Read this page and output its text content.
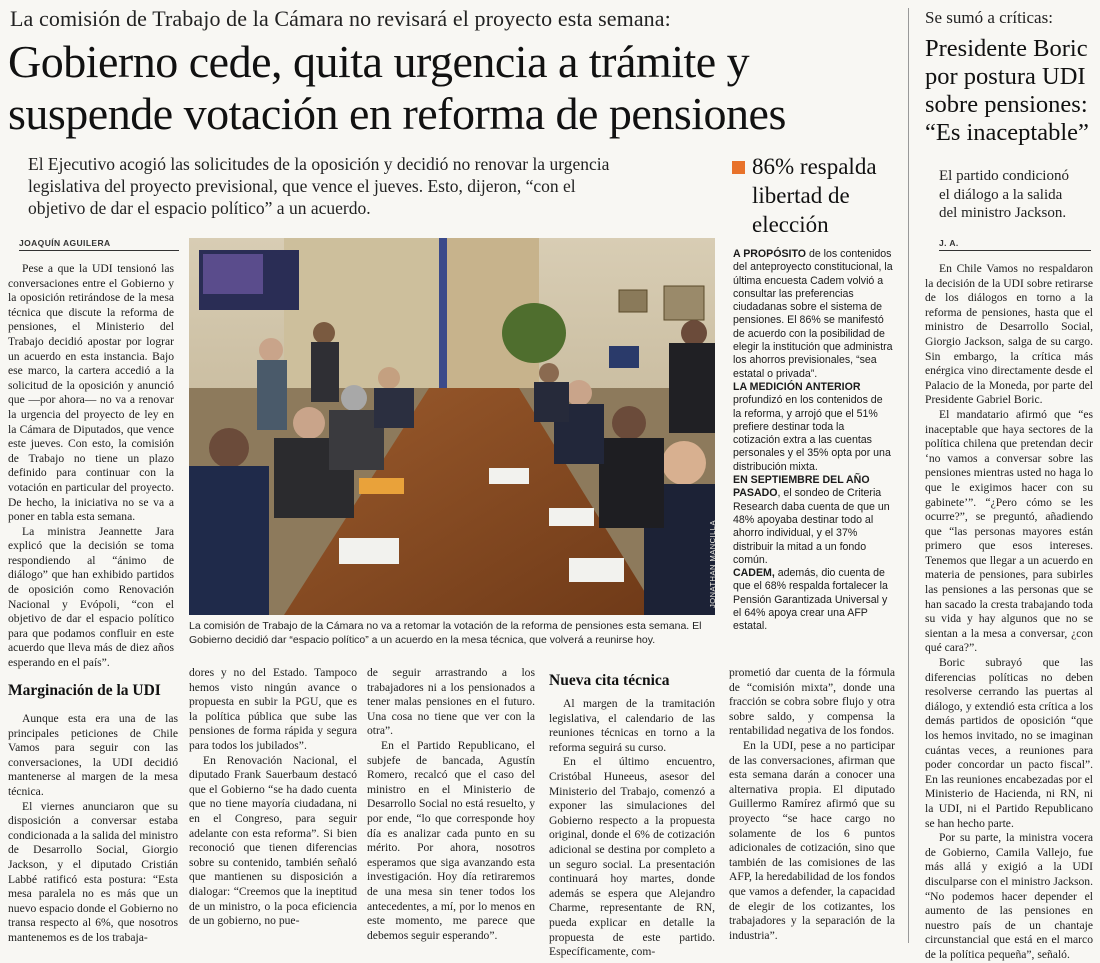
La comisión de Trabajo de la Cámara no revisará el proyecto esta semana:
Gobierno cede, quita urgencia a trámite y
suspende votación en reforma de pensiones

El Ejecutivo acogió las solicitudes de la oposición y decidió no renovar la urgencia

legislativa del proyecto previsional, que vence el jueves. Esto, dijeron, “con el

objetivo de dar el espacio político” a un acuerdo.

JOAQUÍN AGUILERA

Pese a que la UDI tensionó las conversaciones entre el Gobierno y la oposición retirándose de la mesa técnica que discute la reforma de pensiones, el Ministerio del Trabajo decidió apostar por lograr un acuerdo en esta instancia. Bajo ese marco, la cartera accedió a la solicitud de la oposición y anunció que —por ahora— no va a renovar la urgencia del proyecto de ley en la Cámara de Diputados, que vence este jueves. Con esto, la comisión de Trabajo no tiene un plazo definido para continuar con la votación en particular del proyecto. De hecho, la iniciativa no se va a poner en tabla esta semana.

La ministra Jeannette Jara explicó que la decisión se toma respondiendo al “ánimo de diálogo” que han exhibido partidos de oposición como Renovación Nacional y Evópoli, “con el objetivo de dar el espacio político para que podamos confluir en este acuerdo que lleva más de diez años esperando en el país”.

JONATHAN MANCILLA
La comisión de Trabajo de la Cámara no va a retomar la votación de la reforma de pensiones esta semana. El Gobierno decidió dar “espacio político” a un acuerdo en la mesa técnica, que volverá a reunirse hoy.
Marginación de la UDI

Aunque esta era una de las principales peticiones de Chile Vamos para seguir con las conversaciones, la UDI decidió mantenerse al margen de la mesa técnica.

El viernes anunciaron que su disposición a conversar estaba condicionada a la salida del ministro de Desarrollo Social, Giorgio Jackson, y el diputado Cristián Labbé ratificó esta postura: “Esta mesa paralela no es más que un nuevo espacio donde el Gobierno no transa respecto al 6%, que nosotros mantenemos es de los trabaja-

dores y no del Estado. Tampoco hemos visto ningún avance o propuesta en subir la PGU, que es la política pública que sube las pensiones de forma rápida y segura para todos los jubilados”.

En Renovación Nacional, el diputado Frank Sauerbaum destacó que el Gobierno “se ha dado cuenta que no tiene mayoría ciudadana, ni en el Congreso, para seguir adelante con esta reforma”. Si bien reconoció que tienen diferencias sobre su contenido, también señaló que mantienen su disposición a dialogar: “Creemos que la ineptitud de un ministro, o la poca eficiencia de un gobierno, no pue-

de seguir arrastrando a los trabajadores ni a los pensionados a tener malas pensiones en el futuro. Una cosa no tiene que ver con la otra”.

En el Partido Republicano, el subjefe de bancada, Agustín Romero, recalcó que el caso del ministro en el Ministerio de Desarrollo Social no está resuelto, y por ende, “lo que corresponde hoy día es analizar cada punto en su mérito. Por ahora, nosotros esperamos que siga avanzando esta investigación. Hoy día retiraremos de una mesa sin tener todos los antecedentes, a mí, por lo menos en este momento, me parece que debemos seguir esperando”.

Nueva cita técnica

Al margen de la tramitación legislativa, el calendario de las reuniones técnicas en torno a la reforma seguirá su curso.

En el último encuentro, Cristóbal Huneeus, asesor del Ministerio del Trabajo, comenzó a exponer las simulaciones del Gobierno respecto a la propuesta original, donde el 6% de cotización adicional se destina por completo a un seguro social. La presentación continuará hoy martes, donde además se espera que Alejandro Charme, representante de RN, pueda explicar en detalle la propuesta de este partido. Específicamente, com-

prometió dar cuenta de la fórmula de “comisión mixta”, donde una fracción se cobra sobre flujo y otra sobre saldo, y compensa la rentabilidad negativa de los fondos.

En la UDI, pese a no participar de las conversaciones, afirman que esta semana darán a conocer una alternativa propia. El diputado Guillermo Ramírez afirmó que su proyecto “se hace cargo no solamente de los 6 puntos adicionales de cotización, sino que también de las comisiones de las AFP, la heredabilidad de los fondos que vamos a defender, la capacidad de elegir de los cotizantes, los trabajadores y la separación de la industria”.

86% respalda
libertad de
elección

A PROPÓSITO de los contenidos del anteproyecto constitucional, la última encuesta Cadem volvió a consultar las preferencias ciudadanas sobre el sistema de pensiones. El 86% se manifestó de acuerdo con la posibilidad de elegir la institución que administra los ahorros previsionales, “sea estatal o privada”.

LA MEDICIÓN ANTERIOR profundizó en los contenidos de la reforma, y arrojó que el 51% prefiere destinar toda la cotización extra a las cuentas personales y el 35% opta por una distribución mixta.

EN SEPTIEMBRE DEL AÑO PASADO, el sondeo de Criteria Research daba cuenta de que un 48% apoyaba destinar todo al ahorro individual, y el 37% distribuir la mitad a un fondo común.

CADEM, además, dio cuenta de que el 68% respalda fortalecer la Pensión Garantizada Universal y el 64% apoya crear una AFP estatal.

Se sumó a críticas:
Presidente Boric
por postura UDI
sobre pensiones:
“Es inaceptable”

El partido condicionó

el diálogo a la salida

del ministro Jackson.

J. A.

En Chile Vamos no respaldaron la decisión de la UDI sobre retirarse de los diálogos en torno a la reforma de pensiones, hasta que el ministro de Desarrollo Social, Giorgio Jackson, salga de su cargo. Sin embargo, la crítica más enérgica vino directamente desde el Palacio de la Moneda, por parte del Presidente Gabriel Boric.

El mandatario afirmó que “es inaceptable que haya sectores de la política chilena que pretendan decir ‘no vamos a conversar sobre las pensiones mientras usted no haga lo que le exigimos hacer con su gabinete’”. “¿Pero cómo se les ocurre?”, se preguntó, añadiendo que “las personas mayores están primero que esos intereses. Tenemos que llegar a un acuerdo en materia de pensiones, para subirles las pensiones a las personas que se han sacado la cresta trabajando toda su vida y hay algunos que no se sientan a la mesa a conversar, ¿con qué cara?”.

Boric subrayó que las diferencias políticas no deben resolverse cerrando las puertas al diálogo, y extendió esta crítica a los demás partidos de oposición “que los hemos invitado, no se imaginan cuántas veces, a reuniones para poder concordar un pacto fiscal”. En las reuniones encabezadas por el Ministerio de Hacienda, ni RN, ni la UDI, ni el Partido Republicano se han hecho parte.

Por su parte, la ministra vocera de Gobierno, Camila Vallejo, fue más allá y exigió a la UDI disculparse con el ministro Jackson. “No podemos hacer depender el aumento de las pensiones en nuestro país de un chantaje circunstancial que está en el marco de la política pequeña”, señaló.
